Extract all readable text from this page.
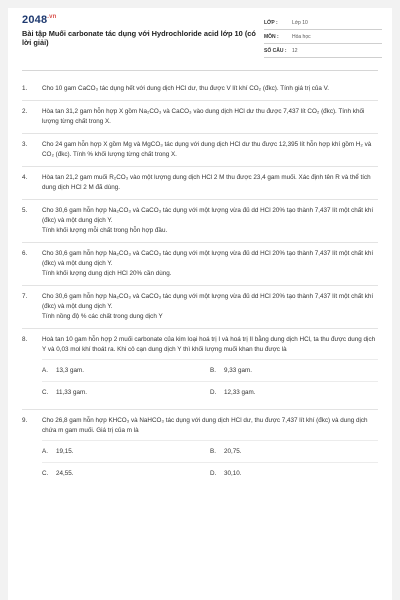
$2048^{.vn}$
Bài tập Muối carbonate tác dụng với Hydrochloride acid lớp 10 (có lời giải)
LỚP :	Lớp 10
MÔN :	Hóa học
SỐ CÂU :	12
1.	Cho 10 gam CaCO₃ tác dụng hết với dung dịch HCl dư, thu được V lít khí CO₂ (đkc). Tính giá trị của V.
2.	Hòa tan 31,2 gam hỗn hợp X gồm Na₂CO₃ và CaCO₃ vào dung dịch HCl dư thu được 7,437 lít CO₂ (đkc). Tính khối lượng từng chất trong X.
3.	Cho 24 gam hỗn hợp X gồm Mg và MgCO₃ tác dụng với dung dịch HCl dư thu được 12,395 lít hỗn hợp khí gồm H₂ và CO₂ (đkc). Tính % khối lượng từng chất trong X.
4.	Hòa tan 21,2 gam muối R₂CO₃ vào một lượng dung dịch HCl 2 M thu được 23,4 gam muối. Xác định tên R và thể tích dung dịch HCl 2 M đã dùng.
5.	Cho 30,6 gam hỗn hợp Na₂CO₃ và CaCO₃ tác dụng với một lượng vừa đủ dd HCl 20% tạo thành 7,437 lít một chất khí (đkc) và một dung dịch Y.
Tính khối lượng mỗi chất trong hỗn hợp đầu.
6.	Cho 30,6 gam hỗn hợp Na₂CO₃ và CaCO₃ tác dụng với một lượng vừa đủ dd HCl 20% tạo thành 7,437 lít một chất khí (đkc) và một dung dịch Y.
Tính khối lượng dung dịch HCl 20% cần dùng.
7.	Cho 30,6 gam hỗn hợp Na₂CO₃ và CaCO₃ tác dụng với một lượng vừa đủ dd HCl 20% tạo thành 7,437 lít một chất khí (đkc) và một dung dịch Y.
Tính nồng độ % các chất trong dung dịch Y
8.	Hoà tan 10 gam hỗn hợp 2 muối carbonate của kim loại hoá trị I và hoá trị II bằng dung dịch HCl, ta thu được dung dịch Y và 0,03 mol khí thoát ra. Khi cô cạn dung dịch Y thì khối lượng muối khan thu được là
A.	13,3 gam.	B.	9,33 gam.
C.	11,33 gam.	D.	12,33 gam.
9.	Cho 26,8 gam hỗn hợp KHCO₃ và NaHCO₃ tác dụng với dung dịch HCl dư, thu được 7,437 lít khí (đkc) và dung dịch chứa m gam muối. Giá trị của m là
A.	19,15.	B.	20,75.
C.	24,55.	D.	30,10.
